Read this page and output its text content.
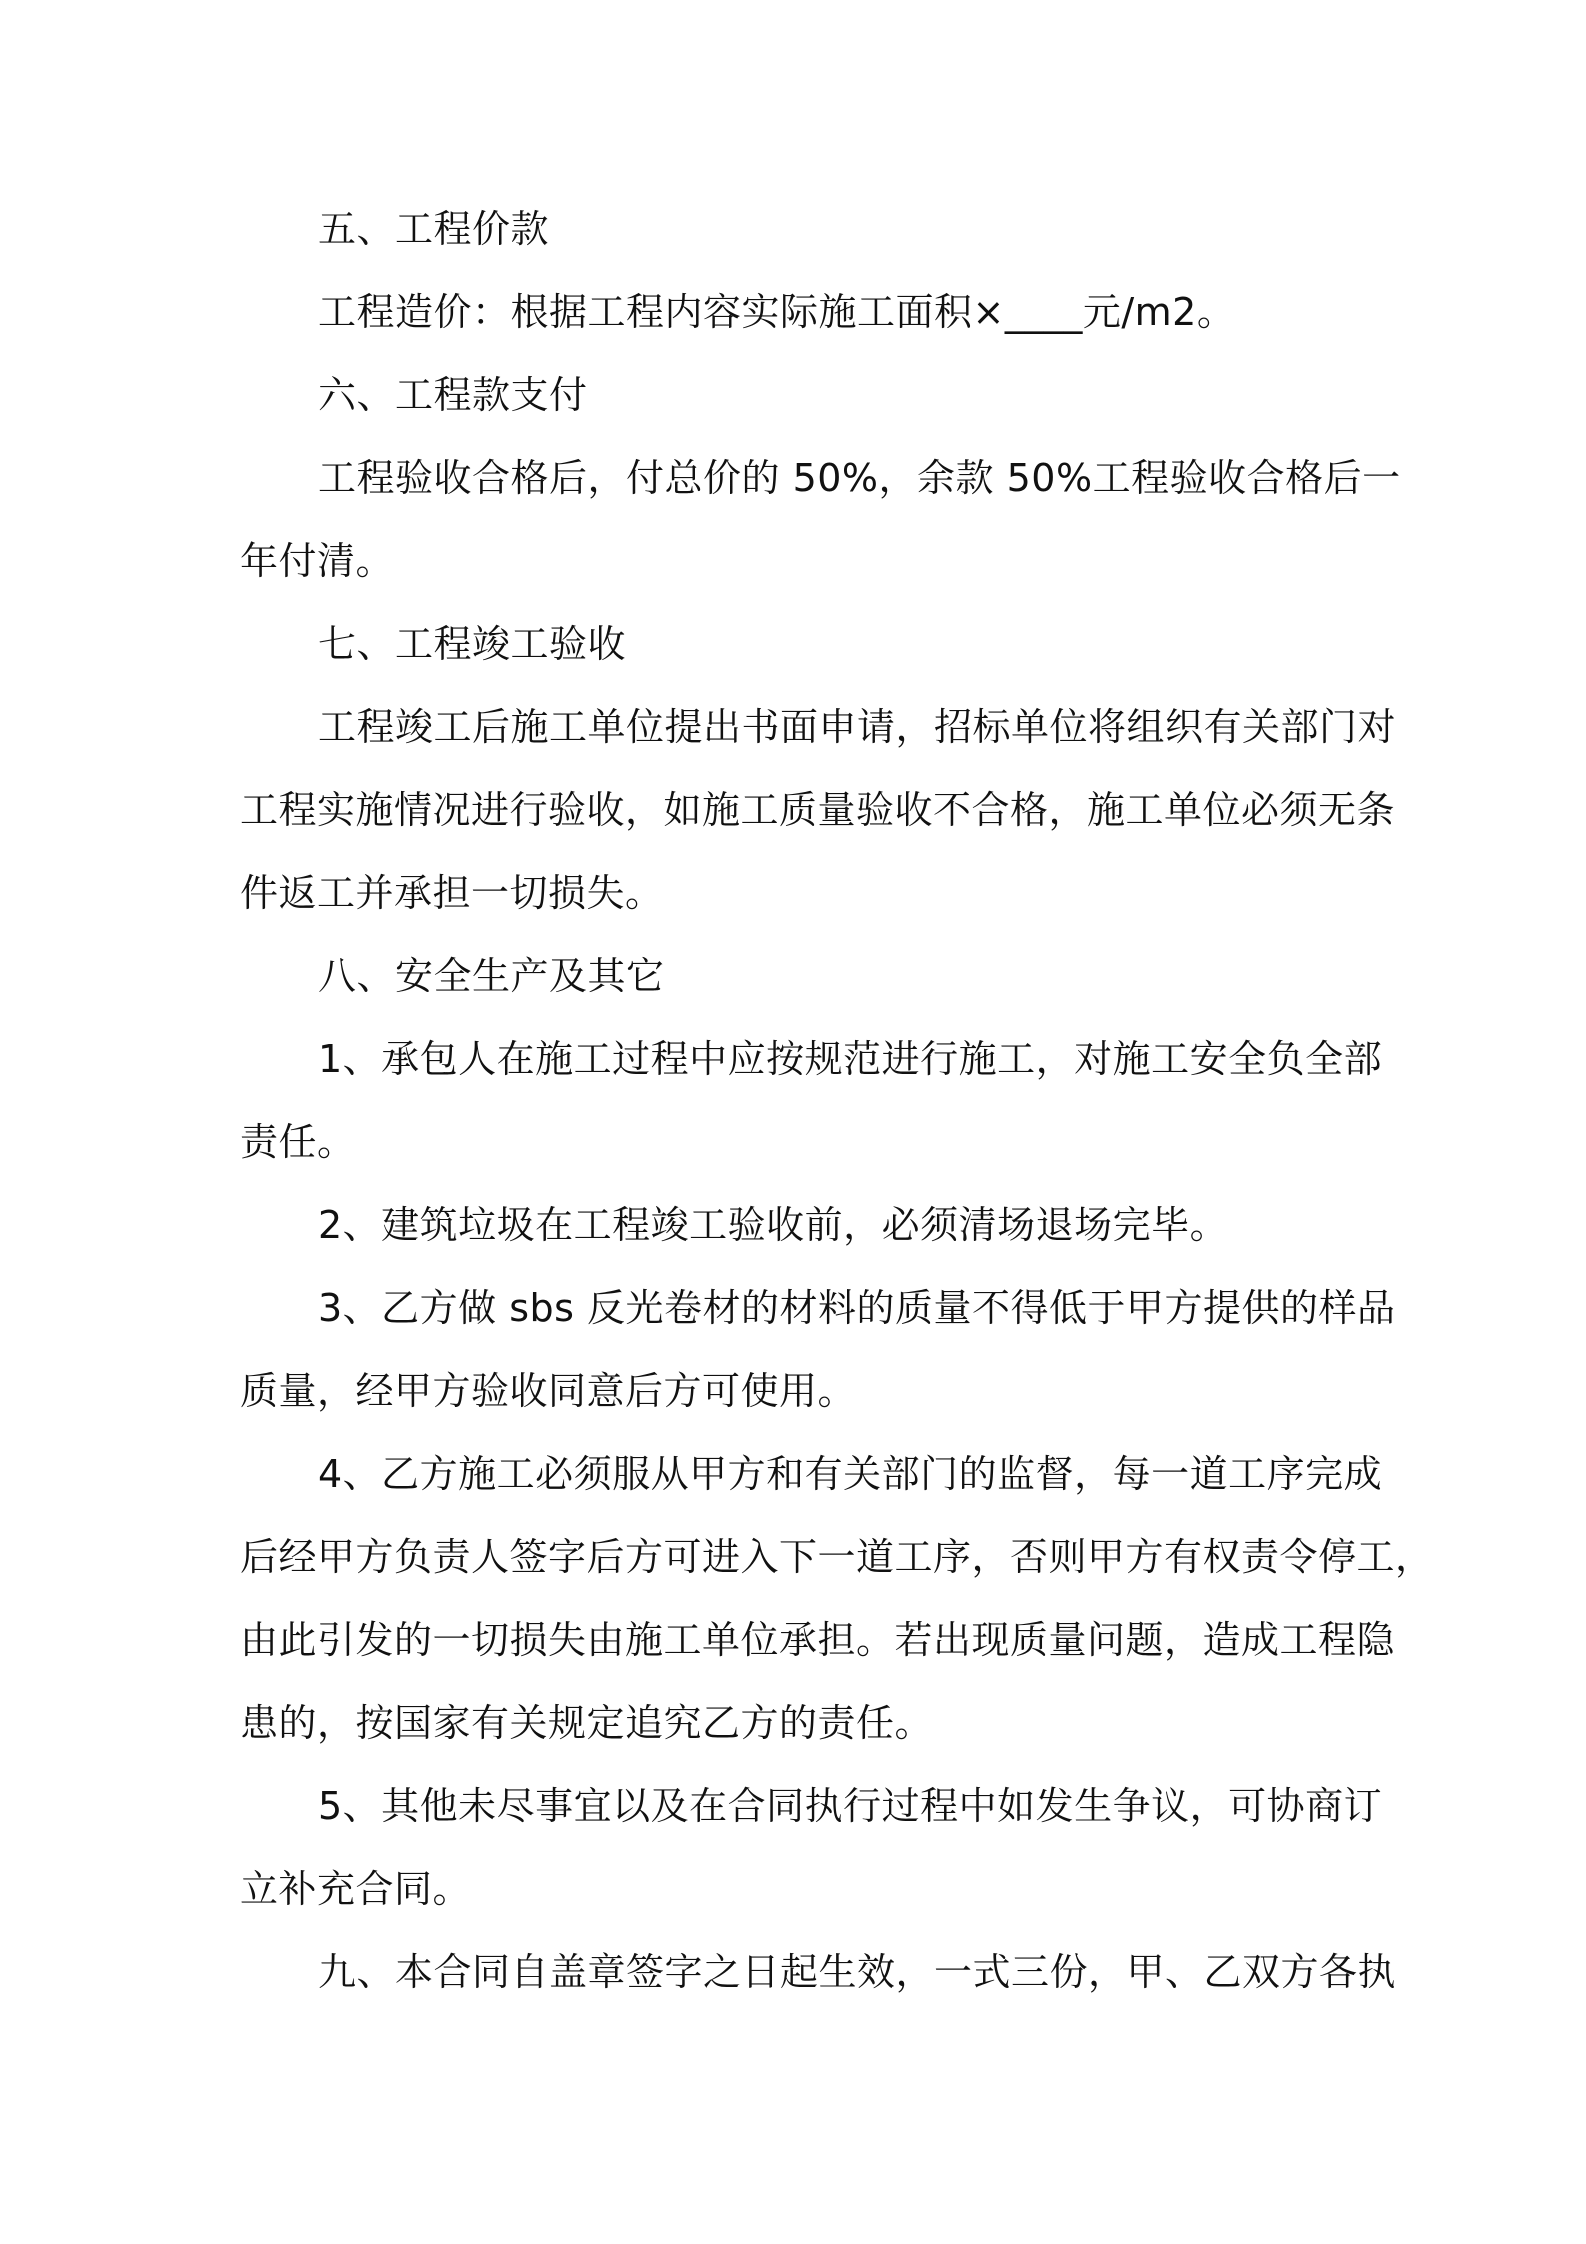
五、工程价款
工程造价：根据工程内容实际施工面积×____元/m2。
六、工程款支付
工程验收合格后，付总价的 50%，余款 50%工程验收合格后一
年付清。
七、工程竣工验收
工程竣工后施工单位提出书面申请，招标单位将组织有关部门对
工程实施情况进行验收，如施工质量验收不合格，施工单位必须无条
件返工并承担一切损失。
八、安全生产及其它
1、承包人在施工过程中应按规范进行施工，对施工安全负全部
责任。
2、建筑垃圾在工程竣工验收前，必须清场退场完毕。
3、乙方做 sbs 反光卷材的材料的质量不得低于甲方提供的样品
质量，经甲方验收同意后方可使用。
4、乙方施工必须服从甲方和有关部门的监督，每一道工序完成
后经甲方负责人签字后方可进入下一道工序，否则甲方有权责令停工，
由此引发的一切损失由施工单位承担。若出现质量问题，造成工程隐
患的，按国家有关规定追究乙方的责任。
5、其他未尽事宜以及在合同执行过程中如发生争议，可协商订
立补充合同。
九、本合同自盖章签字之日起生效，一式三份，甲、乙双方各执
